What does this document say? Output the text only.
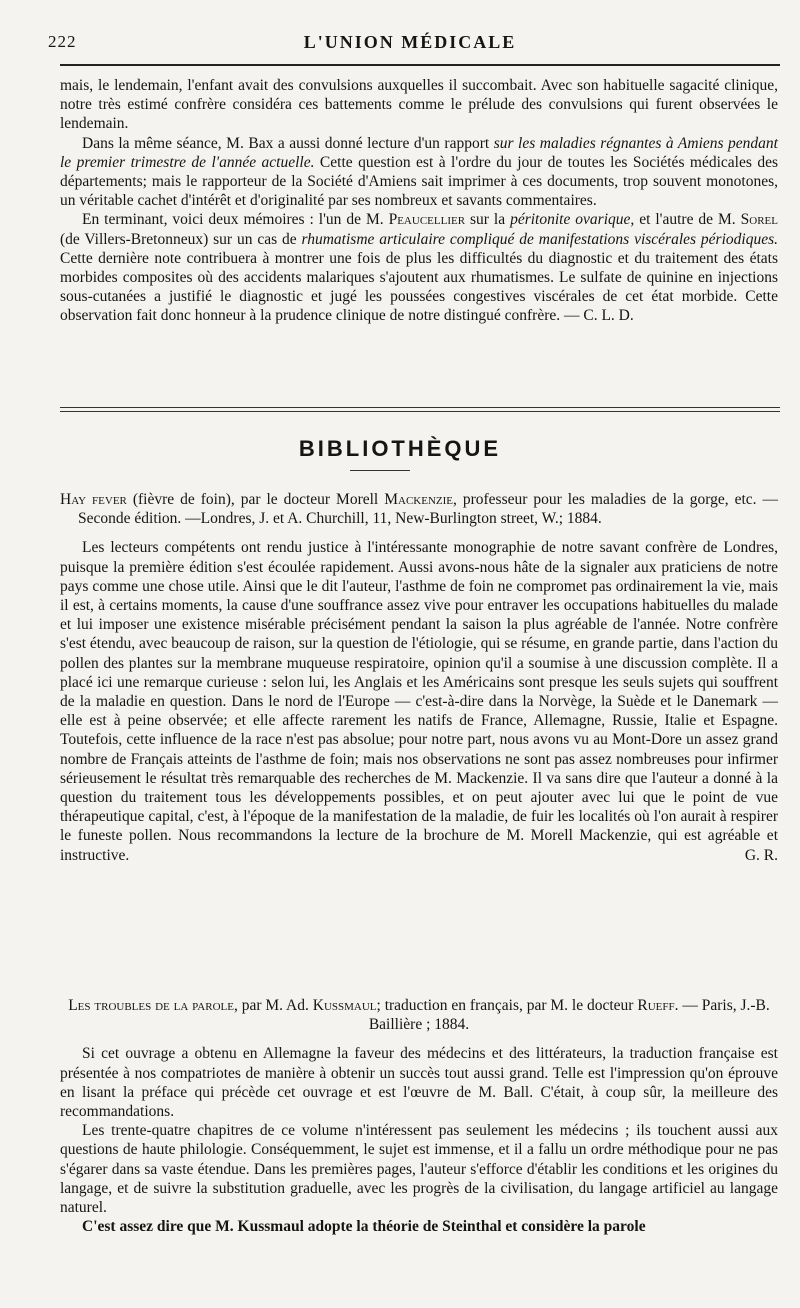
222	L'UNION MÉDICALE

mais, le lendemain, l'enfant avait des convulsions auxquelles il succombait. Avec son habituelle sagacité clinique, notre très estimé confrère considéra ces battements comme le prélude des convulsions qui furent observées le lendemain.

Dans la même séance, M. Bax a aussi donné lecture d'un rapport sur les maladies régnantes à Amiens pendant le premier trimestre de l'année actuelle. Cette question est à l'ordre du jour de toutes les Sociétés médicales des départements; mais le rapporteur de la Société d'Amiens sait imprimer à ces documents, trop souvent monotones, un véritable cachet d'intérêt et d'originalité par ses nombreux et savants commentaires.

En terminant, voici deux mémoires : l'un de M. Peaucellier sur la péritonite ovarique, et l'autre de M. Sorel (de Villers-Bretonneux) sur un cas de rhumatisme articulaire compliqué de manifestations viscérales périodiques. Cette dernière note contribuera à montrer une fois de plus les difficultés du diagnostic et du traitement des états morbides composites où des accidents malariques s'ajoutent aux rhumatismes. Le sulfate de quinine en injections sous-cutanées a justifié le diagnostic et jugé les poussées congestives viscérales de cet état morbide. Cette observation fait donc honneur à la prudence clinique de notre distingué confrère. — C. L. D.

BIBLIOTHÈQUE

Hay fever (fièvre de foin), par le docteur Morell Mackenzie, professeur pour les maladies de la gorge, etc. — Seconde édition. —Londres, J. et A. Churchill, 11, New-Burlington street, W.; 1884.

Les lecteurs compétents ont rendu justice à l'intéressante monographie de notre savant confrère de Londres, puisque la première édition s'est écoulée rapidement. Aussi avons-nous hâte de la signaler aux praticiens de notre pays comme une chose utile. Ainsi que le dit l'auteur, l'asthme de foin ne compromet pas ordinairement la vie, mais il est, à certains moments, la cause d'une souffrance assez vive pour entraver les occupations habituelles du malade et lui imposer une existence misérable précisément pendant la saison la plus agréable de l'année. Notre confrère s'est étendu, avec beaucoup de raison, sur la question de l'étiologie, qui se résume, en grande partie, dans l'action du pollen des plantes sur la membrane muqueuse respiratoire, opinion qu'il a soumise à une discussion complète. Il a placé ici une remarque curieuse : selon lui, les Anglais et les Américains sont presque les seuls sujets qui souffrent de la maladie en question. Dans le nord de l'Europe — c'est-à-dire dans la Norvège, la Suède et le Danemark — elle est à peine observée; et elle affecte rarement les natifs de France, Allemagne, Russie, Italie et Espagne. Toutefois, cette influence de la race n'est pas absolue; pour notre part, nous avons vu au Mont-Dore un assez grand nombre de Français atteints de l'asthme de foin; mais nos observations ne sont pas assez nombreuses pour infirmer sérieusement le résultat très remarquable des recherches de M. Mackenzie. Il va sans dire que l'auteur a donné à la question du traitement tous les développements possibles, et on peut ajouter avec lui que le point de vue thérapeutique capital, c'est, à l'époque de la manifestation de la maladie, de fuir les localités où l'on aurait à respirer le funeste pollen. Nous recommandons la lecture de la brochure de M. Morell Mackenzie, qui est agréable et instructive.	G. R.

Les troubles de la parole, par M. Ad. Kussmaul; traduction en français, par M. le docteur Rueff. — Paris, J.-B. Baillière ; 1884.

Si cet ouvrage a obtenu en Allemagne la faveur des médecins et des littérateurs, la traduction française est présentée à nos compatriotes de manière à obtenir un succès tout aussi grand. Telle est l'impression qu'on éprouve en lisant la préface qui précède cet ouvrage et est l'œuvre de M. Ball. C'était, à coup sûr, la meilleure des recommandations.

Les trente-quatre chapitres de ce volume n'intéressent pas seulement les médecins ; ils touchent aussi aux questions de haute philologie. Conséquemment, le sujet est immense, et il a fallu un ordre méthodique pour ne pas s'égarer dans sa vaste étendue. Dans les premières pages, l'auteur s'efforce d'établir les conditions et les origines du langage, et de suivre la substitution graduelle, avec les progrès de la civilisation, du langage artificiel au langage naturel.

C'est assez dire que M. Kussmaul adopte la théorie de Steinthal et considère la parole
